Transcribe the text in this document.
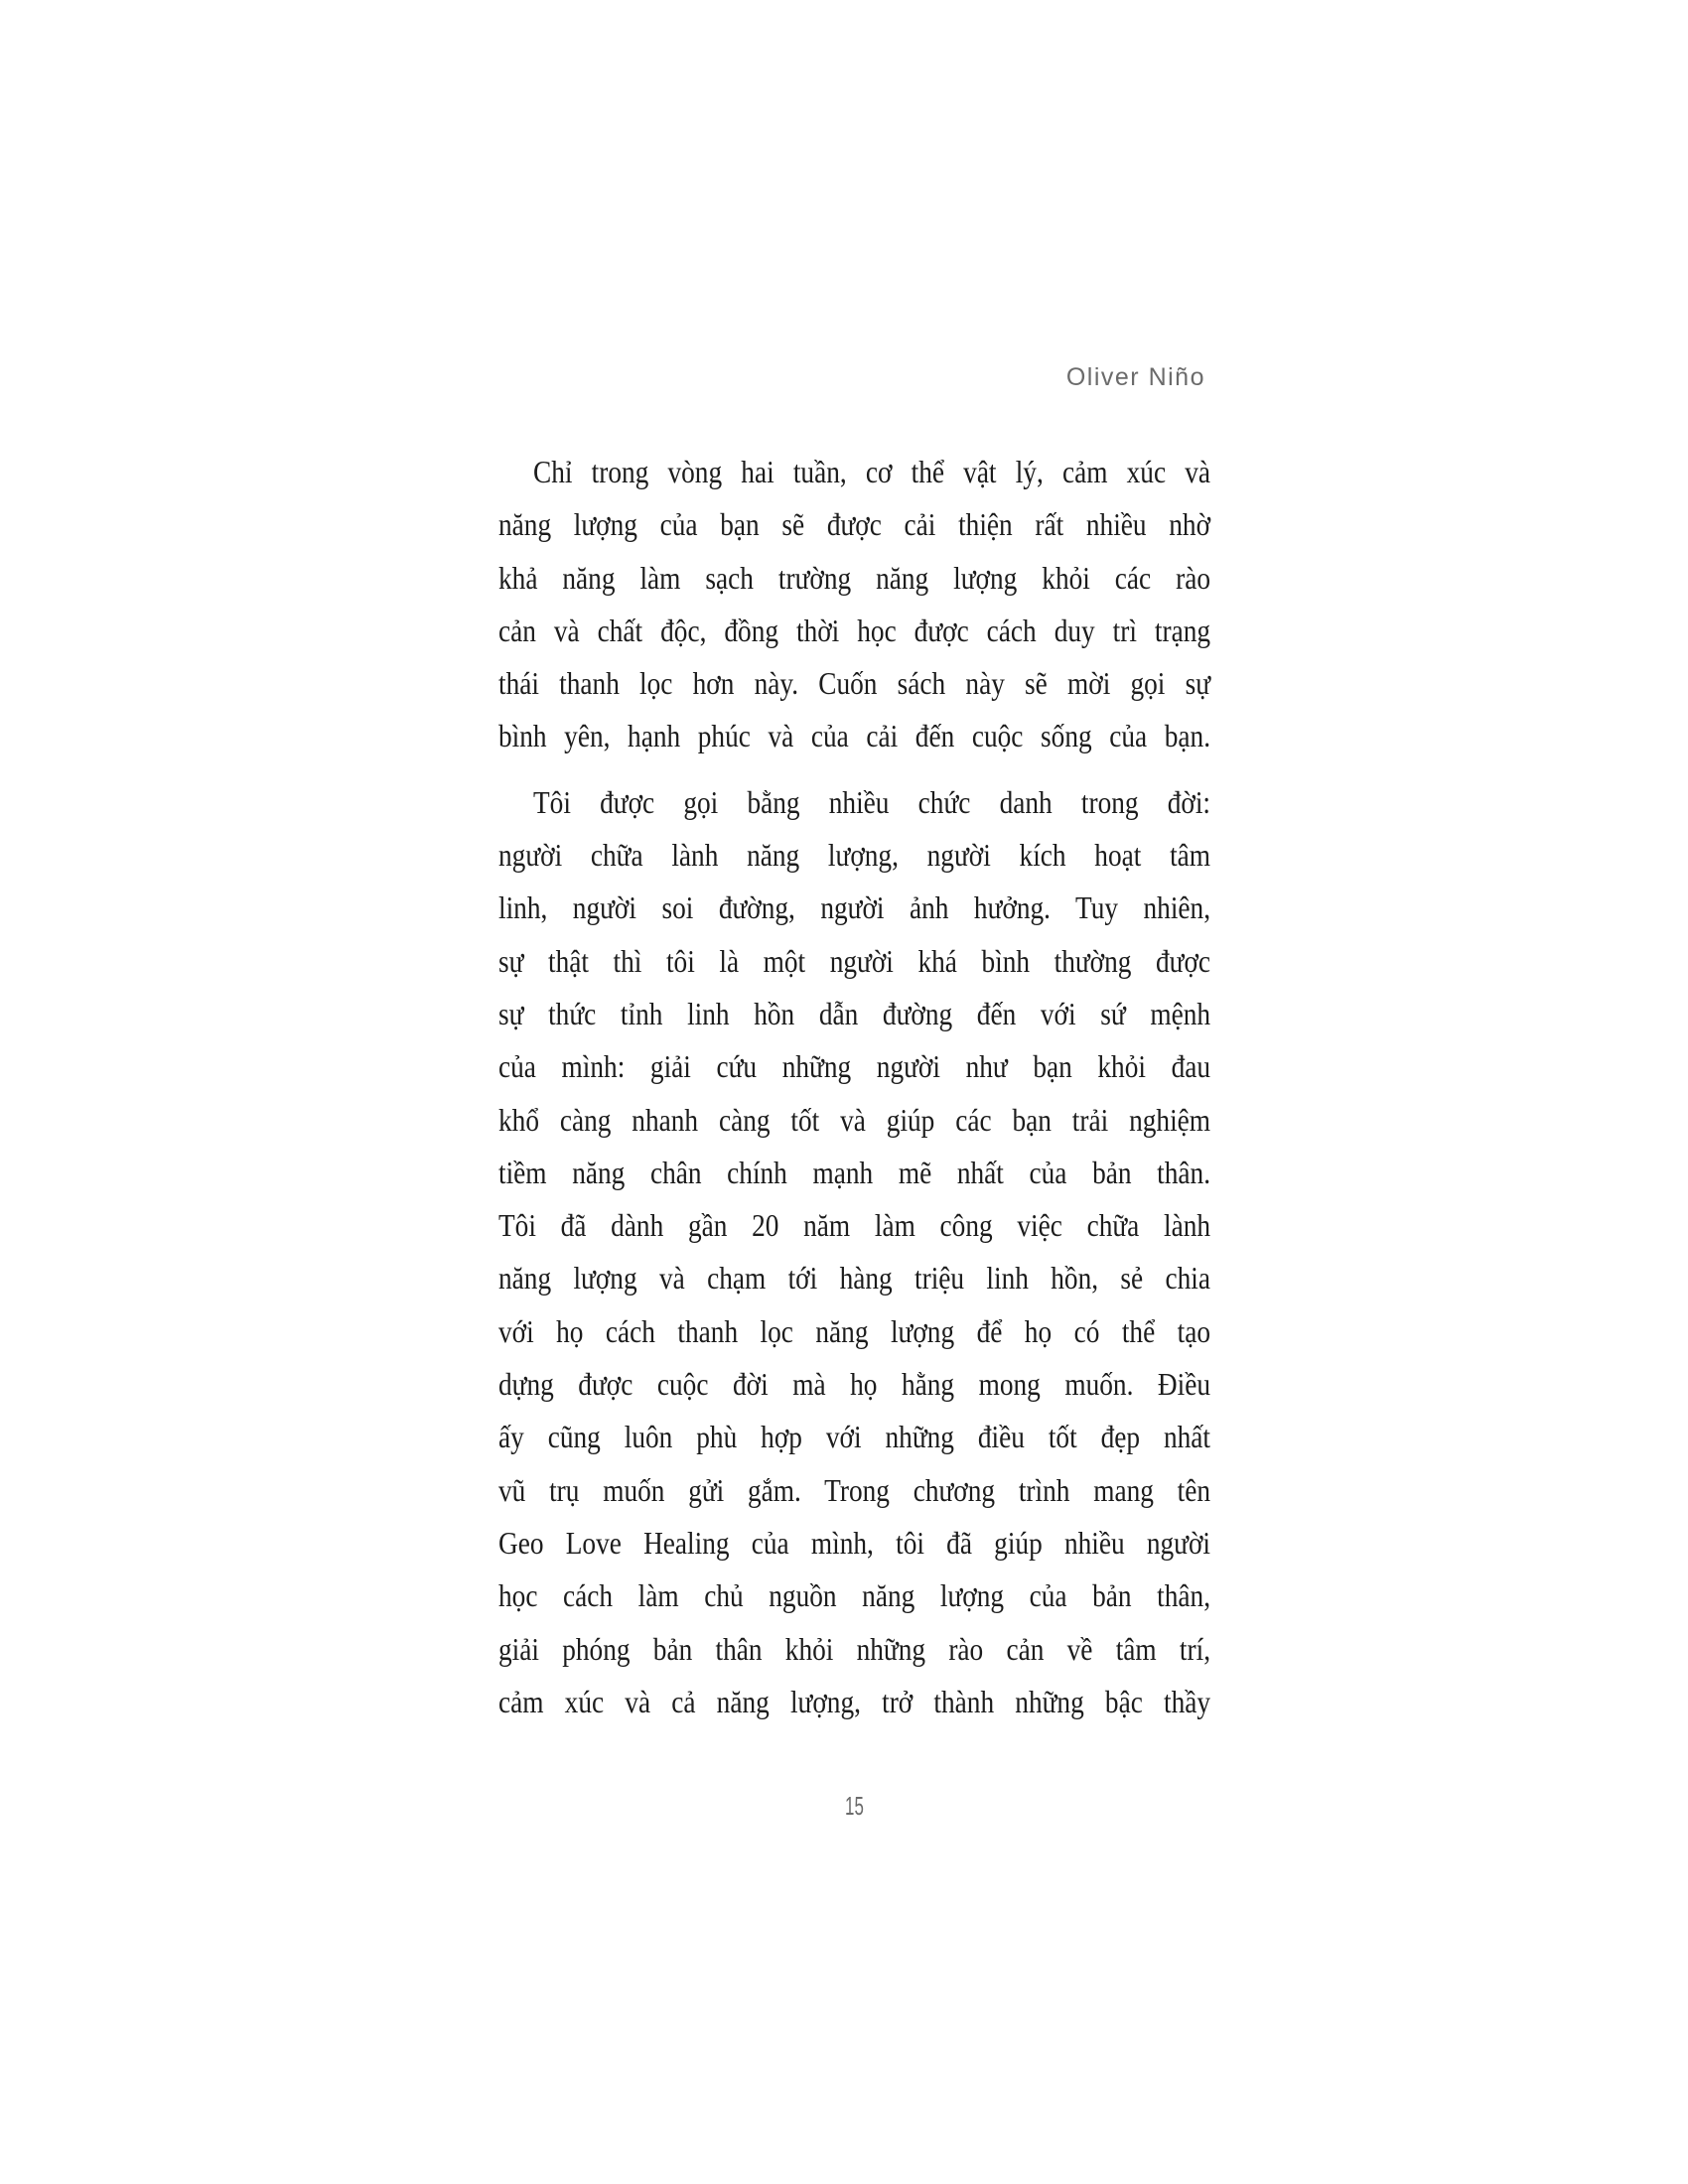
Oliver Niño
Chỉ trong vòng hai tuần, cơ thể vật lý, cảm xúc và
năng lượng của bạn sẽ được cải thiện rất nhiều nhờ
khả năng làm sạch trường năng lượng khỏi các rào
cản và chất độc, đồng thời học được cách duy trì trạng
thái thanh lọc hơn này. Cuốn sách này sẽ mời gọi sự
bình yên, hạnh phúc và của cải đến cuộc sống của bạn.
Tôi được gọi bằng nhiều chức danh trong đời:
người chữa lành năng lượng, người kích hoạt tâm
linh, người soi đường, người ảnh hưởng. Tuy nhiên,
sự thật thì tôi là một người khá bình thường được
sự thức tỉnh linh hồn dẫn đường đến với sứ mệnh
của mình: giải cứu những người như bạn khỏi đau
khổ càng nhanh càng tốt và giúp các bạn trải nghiệm
tiềm năng chân chính mạnh mẽ nhất của bản thân.
Tôi đã dành gần 20 năm làm công việc chữa lành
năng lượng và chạm tới hàng triệu linh hồn, sẻ chia
với họ cách thanh lọc năng lượng để họ có thể tạo
dựng được cuộc đời mà họ hằng mong muốn. Điều
ấy cũng luôn phù hợp với những điều tốt đẹp nhất
vũ trụ muốn gửi gắm. Trong chương trình mang tên
Geo Love Healing của mình, tôi đã giúp nhiều người
học cách làm chủ nguồn năng lượng của bản thân,
giải phóng bản thân khỏi những rào cản về tâm trí,
cảm xúc và cả năng lượng, trở thành những bậc thầy
15
